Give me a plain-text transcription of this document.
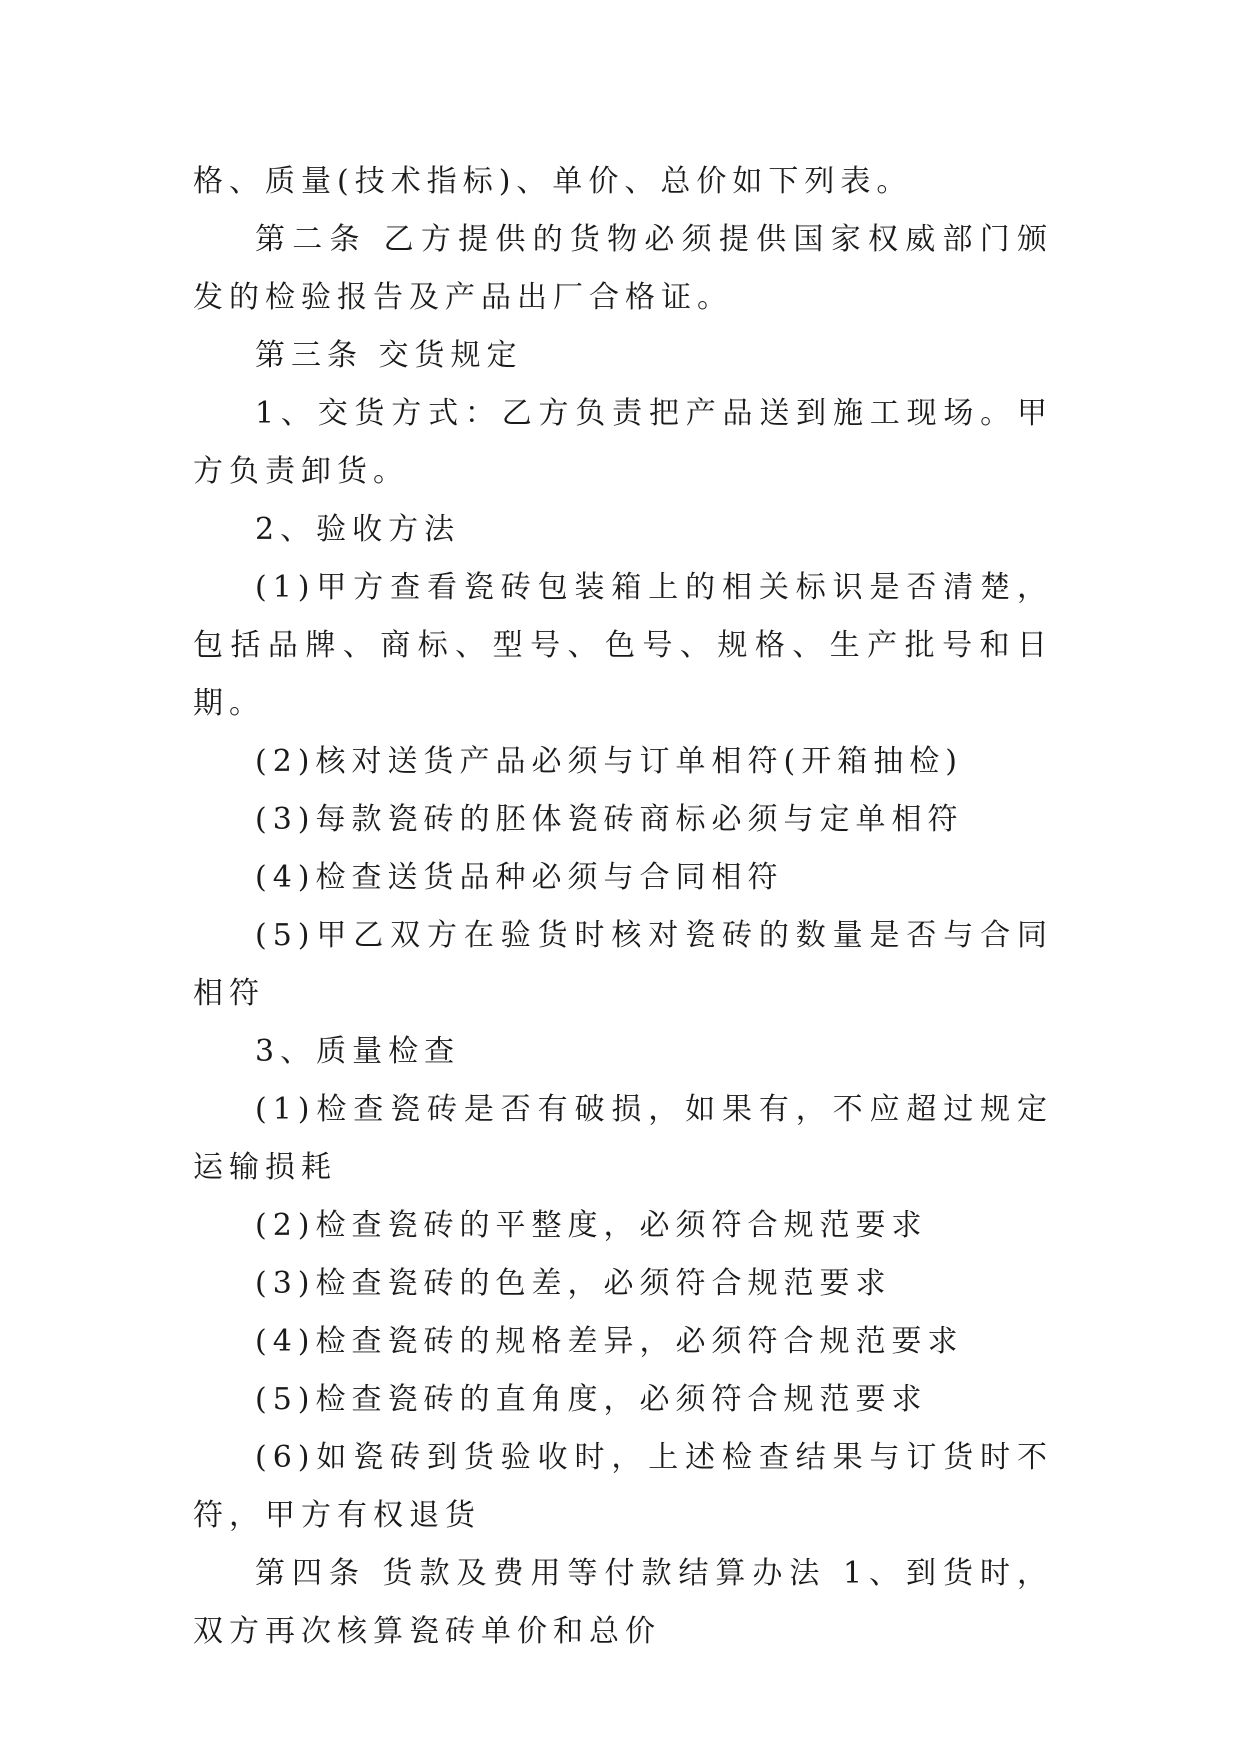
格、质量(技术指标)、单价、总价如下列表。

第二条 乙方提供的货物必须提供国家权威部门颁发的检验报告及产品出厂合格证。

第三条 交货规定

1、交货方式：乙方负责把产品送到施工现场。甲方负责卸货。

2、验收方法

(1)甲方查看瓷砖包装箱上的相关标识是否清楚，包括品牌、商标、型号、色号、规格、生产批号和日期。

(2)核对送货产品必须与订单相符(开箱抽检)

(3)每款瓷砖的胚体瓷砖商标必须与定单相符

(4)检查送货品种必须与合同相符

(5)甲乙双方在验货时核对瓷砖的数量是否与合同相符

3、质量检查

(1)检查瓷砖是否有破损，如果有，不应超过规定运输损耗

(2)检查瓷砖的平整度，必须符合规范要求

(3)检查瓷砖的色差，必须符合规范要求

(4)检查瓷砖的规格差异，必须符合规范要求

(5)检查瓷砖的直角度，必须符合规范要求

(6)如瓷砖到货验收时，上述检查结果与订货时不符，甲方有权退货

第四条 货款及费用等付款结算办法 1、到货时，双方再次核算瓷砖单价和总价
